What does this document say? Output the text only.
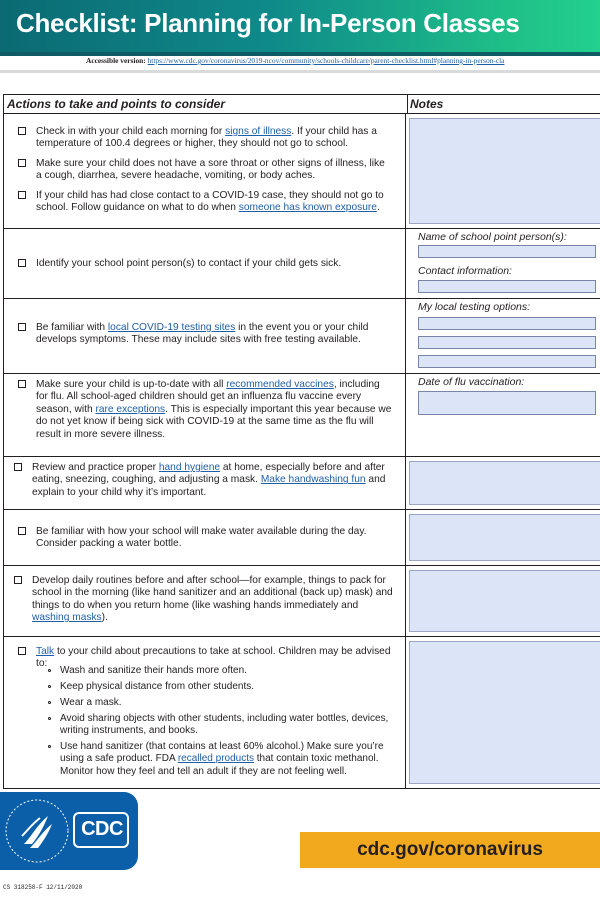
Checklist: Planning for In-Person Classes
Accessible version: https://www.cdc.gov/coronavirus/2019-ncov/community/schools-childcare/parent-checklist.html#planning-in-person-cla
Actions to take and points to consider	Notes
Check in with your child each morning for signs of illness. If your child has a temperature of 100.4 degrees or higher, they should not go to school.
Make sure your child does not have a sore throat or other signs of illness, like a cough, diarrhea, severe headache, vomiting, or body aches.
If your child has had close contact to a COVID-19 case, they should not go to school. Follow guidance on what to do when someone has known exposure.
Identify your school point person(s) to contact if your child gets sick.
Be familiar with local COVID-19 testing sites in the event you or your child develops symptoms. These may include sites with free testing available.
Make sure your child is up-to-date with all recommended vaccines, including for flu. All school-aged children should get an influenza flu vaccine every season, with rare exceptions. This is especially important this year because we do not yet know if being sick with COVID-19 at the same time as the flu will result in more severe illness.
Review and practice proper hand hygiene at home, especially before and after eating, sneezing, coughing, and adjusting a mask. Make handwashing fun and explain to your child why it’s important.
Be familiar with how your school will make water available during the day. Consider packing a water bottle.
Develop daily routines before and after school—for example, things to pack for school in the morning (like hand sanitizer and an additional (back up) mask) and things to do when you return home (like washing hands immediately and washing masks).
Talk to your child about precautions to take at school. Children may be advised to:
Wash and sanitize their hands more often.
Keep physical distance from other students.
Wear a mask.
Avoid sharing objects with other students, including water bottles, devices, writing instruments, and books.
Use hand sanitizer (that contains at least 60% alcohol.) Make sure you’re using a safe product. FDA recalled products that contain toxic methanol. Monitor how they feel and tell an adult if they are not feeling well.
Name of school point person(s):
Contact information:
My local testing options:
Date of flu vaccination:
CDC
cdc.gov/coronavirus
CS 318258-F 12/11/2020
